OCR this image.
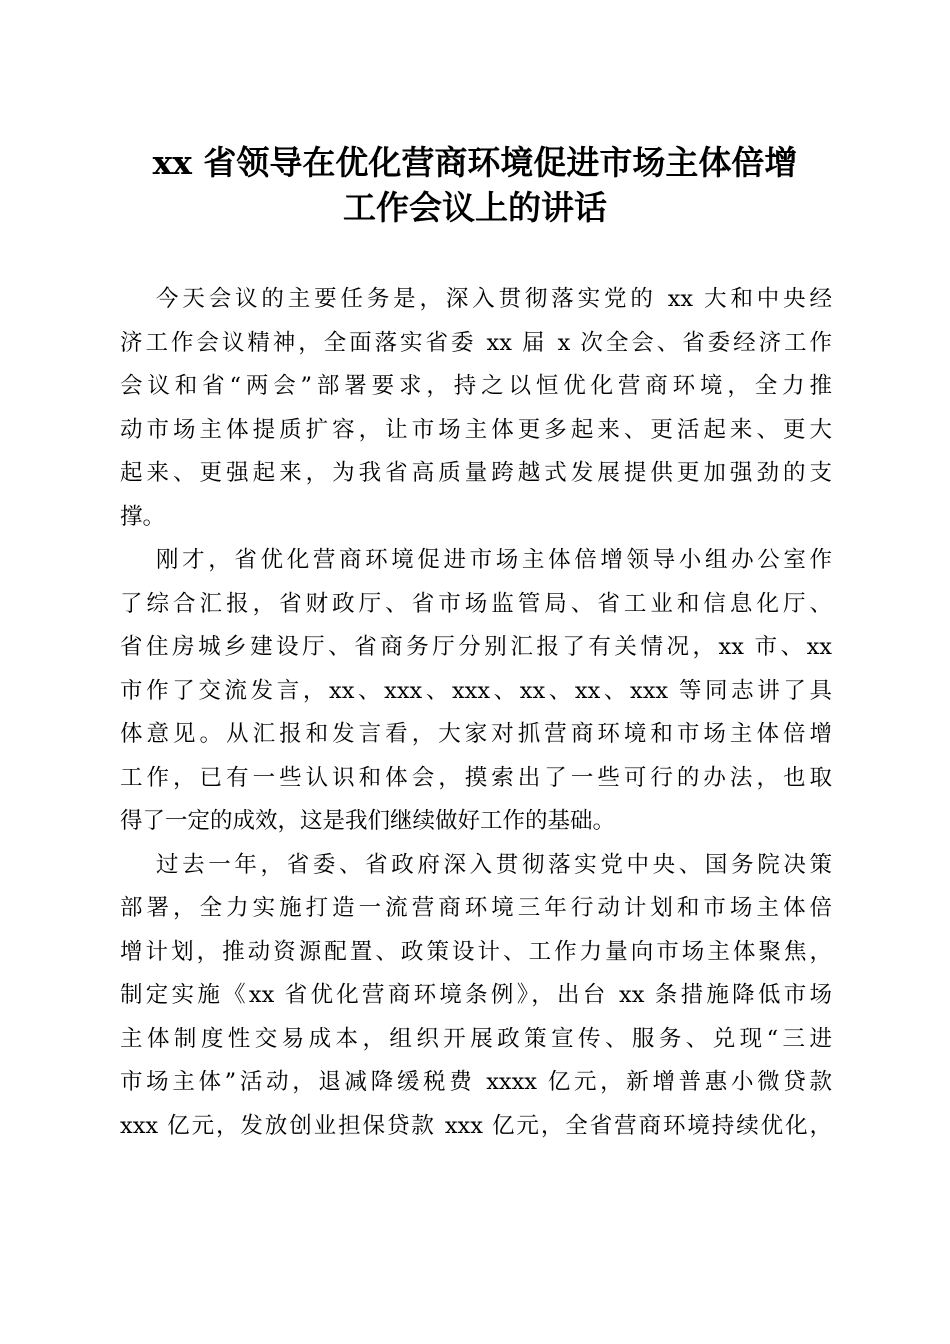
xx 省领导在优化营商环境促进市场主体倍增
工作会议上的讲话
今天会议的主要任务是，深入贯彻落实党的 xx 大和中央经
济工作会议精神，全面落实省委 xx 届 x 次全会、省委经济工作
会议和省“两会”部署要求，持之以恒优化营商环境，全力推
动市场主体提质扩容，让市场主体更多起来、更活起来、更大
起来、更强起来，为我省高质量跨越式发展提供更加强劲的支
撑。
刚才，省优化营商环境促进市场主体倍增领导小组办公室作
了综合汇报，省财政厅、省市场监管局、省工业和信息化厅、
省住房城乡建设厅、省商务厅分别汇报了有关情况，xx 市、xx
市作了交流发言，xx、xxx、xxx、xx、xx、xxx 等同志讲了具
体意见。从汇报和发言看，大家对抓营商环境和市场主体倍增
工作，已有一些认识和体会，摸索出了一些可行的办法，也取
得了一定的成效，这是我们继续做好工作的基础。
过去一年，省委、省政府深入贯彻落实党中央、国务院决策
部署，全力实施打造一流营商环境三年行动计划和市场主体倍
增计划，推动资源配置、政策设计、工作力量向市场主体聚焦，
制定实施《xx 省优化营商环境条例》，出台 xx 条措施降低市场
主体制度性交易成本，组织开展政策宣传、服务、兑现“三进
市场主体”活动，退减降缓税费 xxxx 亿元，新增普惠小微贷款
xxx 亿元，发放创业担保贷款 xxx 亿元，全省营商环境持续优化，
